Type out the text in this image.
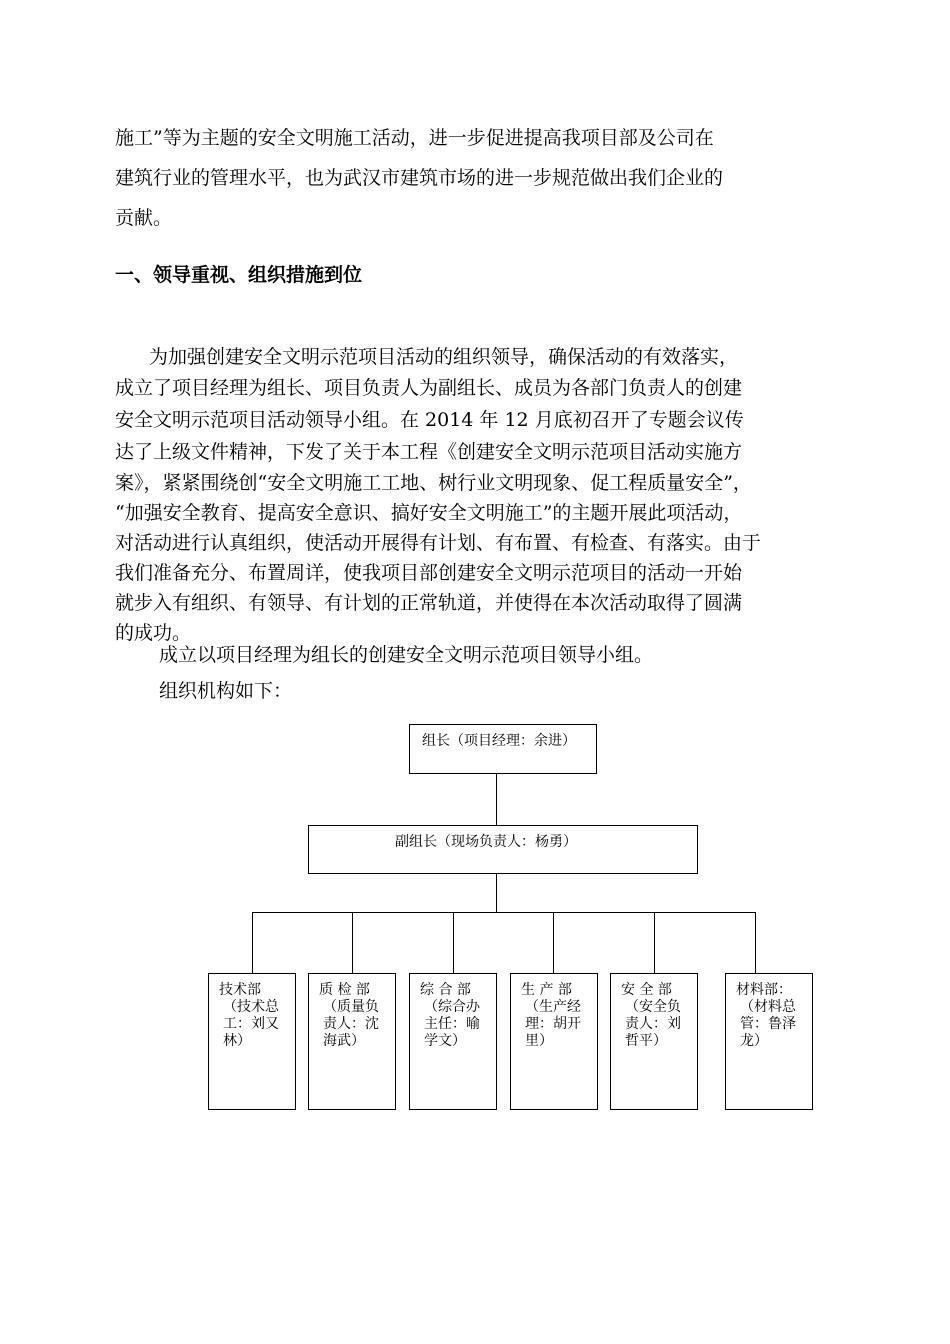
施工”等为主题的安全文明施工活动，进一步促进提高我项目部及公司在
建筑行业的管理水平，也为武汉市建筑市场的进一步规范做出我们企业的
贡献。
一、领导重视、组织措施到位
为加强创建安全文明示范项目活动的组织领导，确保活动的有效落实，
成立了项目经理为组长、项目负责人为副组长、成员为各部门负责人的创建
安全文明示范项目活动领导小组。在 2014 年 12 月底初召开了专题会议传
达了上级文件精神，下发了关于本工程《创建安全文明示范项目活动实施方
案》，紧紧围绕创“安全文明施工工地、树行业文明现象、促工程质量安全”，
“加强安全教育、提高安全意识、搞好安全文明施工”的主题开展此项活动，
对活动进行认真组织，使活动开展得有计划、有布置、有检查、有落实。由于
我们准备充分、布置周详，使我项目部创建安全文明示范项目的活动一开始
就步入有组织、有领导、有计划的正常轨道，并使得在本次活动取得了圆满
的成功。
成立以项目经理为组长的创建安全文明示范项目领导小组。
组织机构如下：
组长（项目经理：余进）
副组长（现场负责人：杨勇）
技术部
（技术总
工：刘又
林）
质 检 部
（质量负
责人：沈
海武）
综 合 部
（综合办
主任：喻
学文）
生 产 部
（生产经
理：胡开
里）
安 全 部
（安全负
责人：刘
哲平）
材料部：
（材料总
管：鲁泽
龙）
